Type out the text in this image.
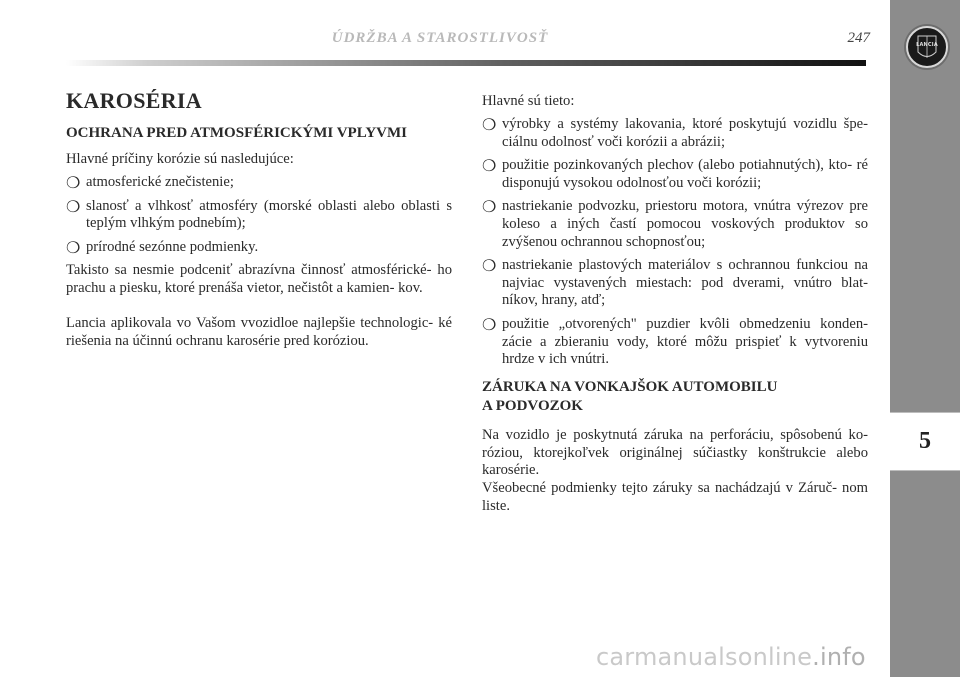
ÚDRŽBA A STAROSTLIVOSŤ	247	LANCIA
5
KAROSÉRIA
OCHRANA PRED ATMOSFÉRICKÝMI VPLYVMI

Hlavné príčiny korózie sú nasledujúce:

❍ atmosferické znečistenie;
❍ slanosť a vlhkosť atmosféry (morské oblasti alebo oblasti s teplým vlhkým podnebím);
❍ prírodné sezónne podmienky.

Takisto sa nesmie podceniť abrazívna činnosť atmosférické- ho prachu a piesku, ktoré prenáša vietor, nečistôt a kamien- kov.

Lancia aplikovala vo Vašom vvozidloe najlepšie technologic- ké riešenia na účinnú ochranu karosérie pred koróziou.

Hlavné sú tieto:

❍ výrobky a systémy lakovania, ktoré poskytujú vozidlu špe- ciálnu odolnosť voči korózii a abrázii;
❍ použitie pozinkovaných plechov (alebo potiahnutých), kto- ré disponujú vysokou odolnosťou voči korózii;
❍ nastriekanie podvozku, priestoru motora, vnútra výrezov pre koleso a iných častí pomocou voskových produktov so zvýšenou ochrannou schopnosťou;
❍ nastriekanie plastových materiálov s ochrannou funkciou na najviac vystavených miestach: pod dverami, vnútro blat- níkov, hrany, atď;
❍ použitie „otvorených" puzdier kvôli obmedzeniu konden- zácie a zbieraniu vody, ktoré môžu prispieť k vytvoreniu hrdze v ich vnútri.
ZÁRUKA NA VONKAJŠOK AUTOMOBILU
A PODVOZOK

Na vozidlo je poskytnutá záruka na perforáciu, spôsobenú ko- róziou, ktorejkoľvek originálnej súčiastky konštrukcie alebo karosérie.

Všeobecné podmienky tejto záruky sa nachádzajú v Záruč- nom liste.

carmanualsonline.info
